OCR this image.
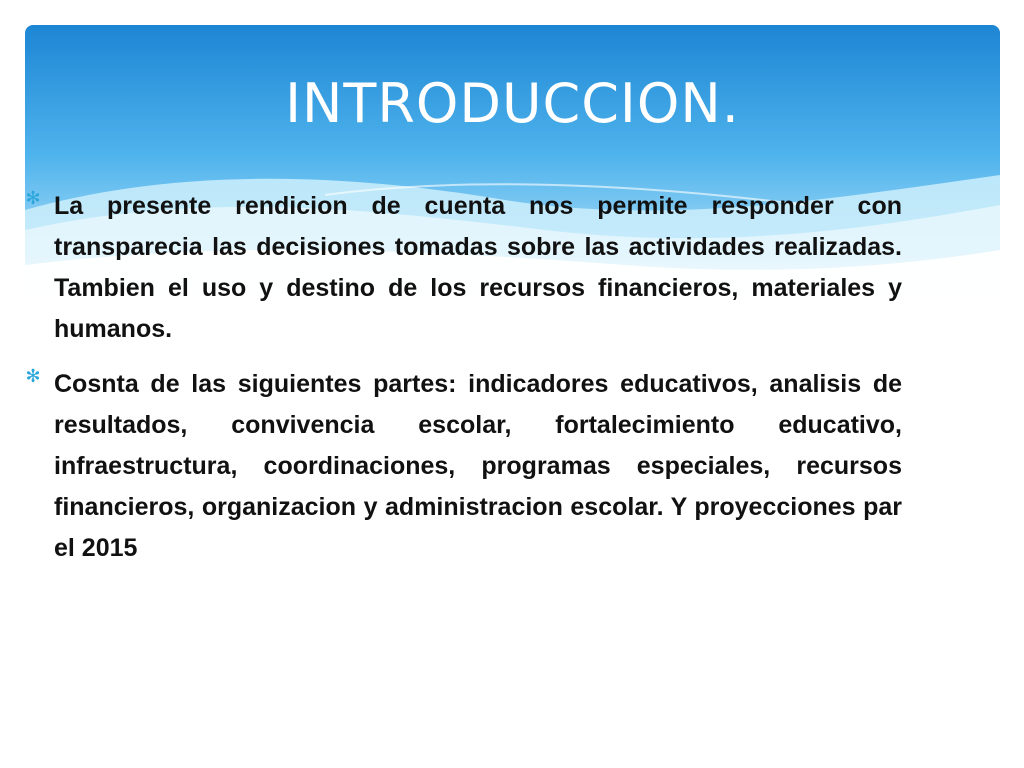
INTRODUCCION.
✻ La presente rendicion de cuenta nos permite responder con transparecia las decisiones tomadas sobre las actividades realizadas. Tambien el uso y destino de los recursos financieros, materiales y humanos.
✻ Cosnta de las siguientes partes: indicadores educativos, analisis de resultados, convivencia escolar, fortalecimiento educativo, infraestructura, coordinaciones, programas especiales, recursos financieros, organizacion y administracion escolar. Y proyecciones par el 2015
